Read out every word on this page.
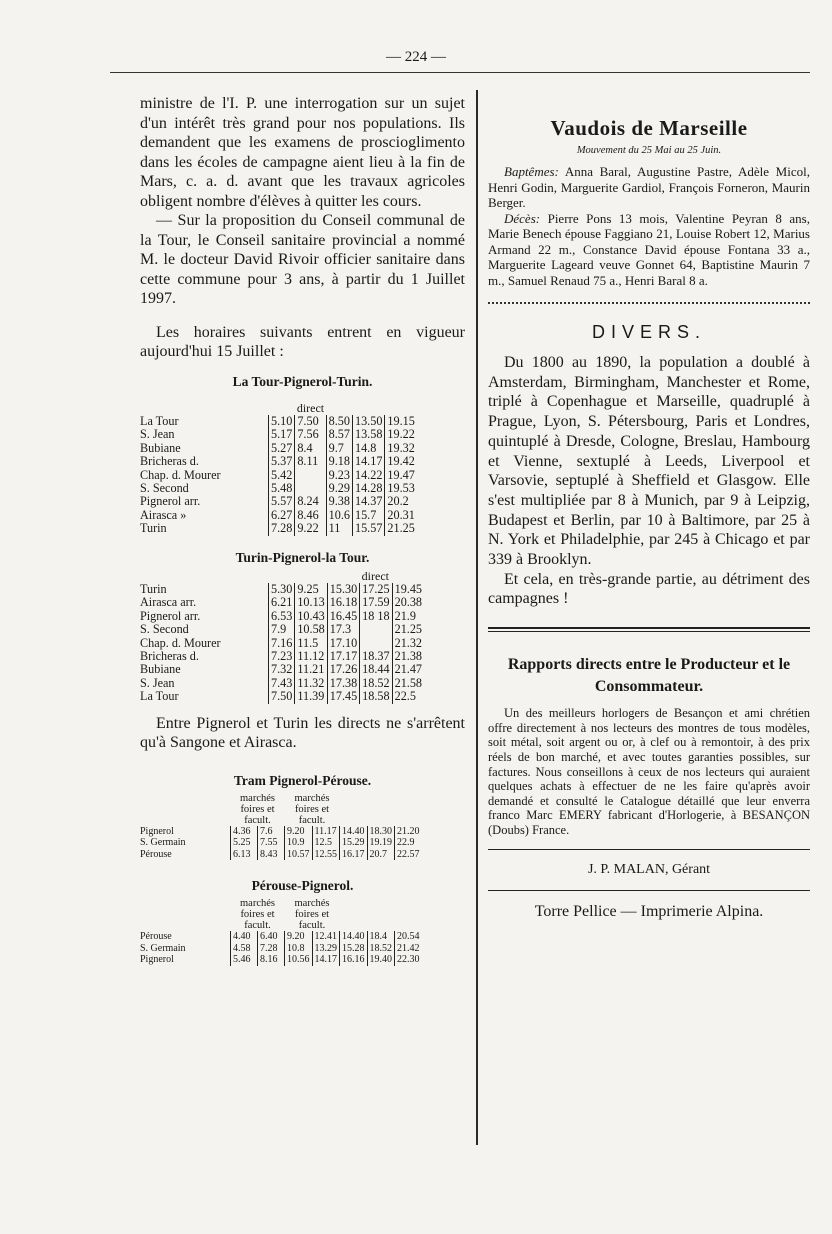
— 224 —

ministre de l'I. P. une interrogation sur un sujet d'un intérêt très grand pour nos populations. Ils demandent que les examens de proscioglimento dans les écoles de campagne aient lieu à la fin de Mars, c. a. d. avant que les travaux agricoles obligent nombre d'élèves à quitter les cours.

— Sur la proposition du Conseil communal de la Tour, le Conseil sanitaire provincial a nommé M. le docteur David Rivoir officier sanitaire dans cette commune pour 3 ans, à partir du 1 Juillet 1997.

Les horaires suivants entrent en vigueur aujourd'hui 15 Juillet :

La Tour-Pignerol-Turin.

		direct			
La Tour	5.10	7.50	8.50	13.50	19.15
S. Jean	5.17	7.56	8.57	13.58	19.22
Bubiane	5.27	8.4	9.7	14.8	19.32
Bricheras d.	5.37	8.11	9.18	14.17	19.42
Chap. d. Mourer	5.42		9.23	14.22	19.47
S. Second	5.48		9.29	14.28	19.53
Pignerol arr.	5.57	8.24	9.38	14.37	20.2
Airasca »	6.27	8.46	10.6	15.7	20.31
Turin	7.28	9.22	11	15.57	21.25

Turin-Pignerol-la Tour.

				direct	
Turin	5.30	9.25	15.30	17.25	19.45
Airasca arr.	6.21	10.13	16.18	17.59	20.38
Pignerol arr.	6.53	10.43	16.45	18 18	21.9
S. Second	7.9	10.58	17.3		21.25
Chap. d. Mourer	7.16	11.5	17.10		21.32
Bricheras d.	7.23	11.12	17.17	18.37	21.38
Bubiane	7.32	11.21	17.26	18.44	21.47
S. Jean	7.43	11.32	17.38	18.52	21.58
La Tour	7.50	11.39	17.45	18.58	22.5

Entre Pignerol et Turin les directs ne s'arrêtent qu'à Sangone et Airasca.

Tram Pignerol-Pérouse.

	marchés foires et facult.		marchés foires et facult.				
Pignerol	4.36	7.6	9.20	11.17	14.40	18.30	21.20
S. Germain	5.25	7.55	10.9	12.5	15.29	19.19	22.9
Pérouse	6.13	8.43	10.57	12.55	16.17	20.7	22.57

Pérouse-Pignerol.

	marchés foires et facult.		marchés foires et facult.				
Pérouse	4.40	6.40	9.20	12.41	14.40	18.4	20.54
S. Germain	4.58	7.28	10.8	13.29	15.28	18.52	21.42
Pignerol	5.46	8.16	10.56	14.17	16.16	19.40	22.30

Vaudois de Marseille

Mouvement du 25 Mai au 25 Juin.

Baptêmes: Anna Baral, Augustine Pastre, Adèle Micol, Henri Godin, Marguerite Gardiol, François Forneron, Maurin Berger.

Décès: Pierre Pons 13 mois, Valentine Peyran 8 ans, Marie Benech épouse Faggiano 21, Louise Robert 12, Marius Armand 22 m., Constance David épouse Fontana 33 a., Marguerite Lageard veuve Gonnet 64, Baptistine Maurin 7 m., Samuel Renaud 75 a., Henri Baral 8 a.

DIVERS.

Du 1800 au 1890, la population a doublé à Amsterdam, Birmingham, Manchester et Rome, triplé à Copenhague et Marseille, quadruplé à Prague, Lyon, S. Pétersbourg, Paris et Londres, quintuplé à Dresde, Cologne, Breslau, Hambourg et Vienne, sextuplé à Leeds, Liverpool et Varsovie, septuplé à Sheffield et Glasgow. Elle s'est multipliée par 8 à Munich, par 9 à Leipzig, Budapest et Berlin, par 10 à Baltimore, par 25 à N. York et Philadelphie, par 245 à Chicago et par 339 à Brooklyn.

Et cela, en très-grande partie, au détriment des campagnes !

Rapports directs entre le Producteur et le Consommateur.

Un des meilleurs horlogers de Besançon et ami chrétien offre directement à nos lecteurs des montres de tous modèles, soit métal, soit argent ou or, à clef ou à remontoir, à des prix réels de bon marché, et avec toutes garanties possibles, sur factures. Nous conseillons à ceux de nos lecteurs qui auraient quelques achats à effectuer de ne les faire qu'après avoir demandé et consulté le Catalogue détaillé que leur enverra franco Marc EMERY fabricant d'Horlogerie, à BESANÇON (Doubs) France.

J. P. MALAN, Gérant

Torre Pellice — Imprimerie Alpina.
